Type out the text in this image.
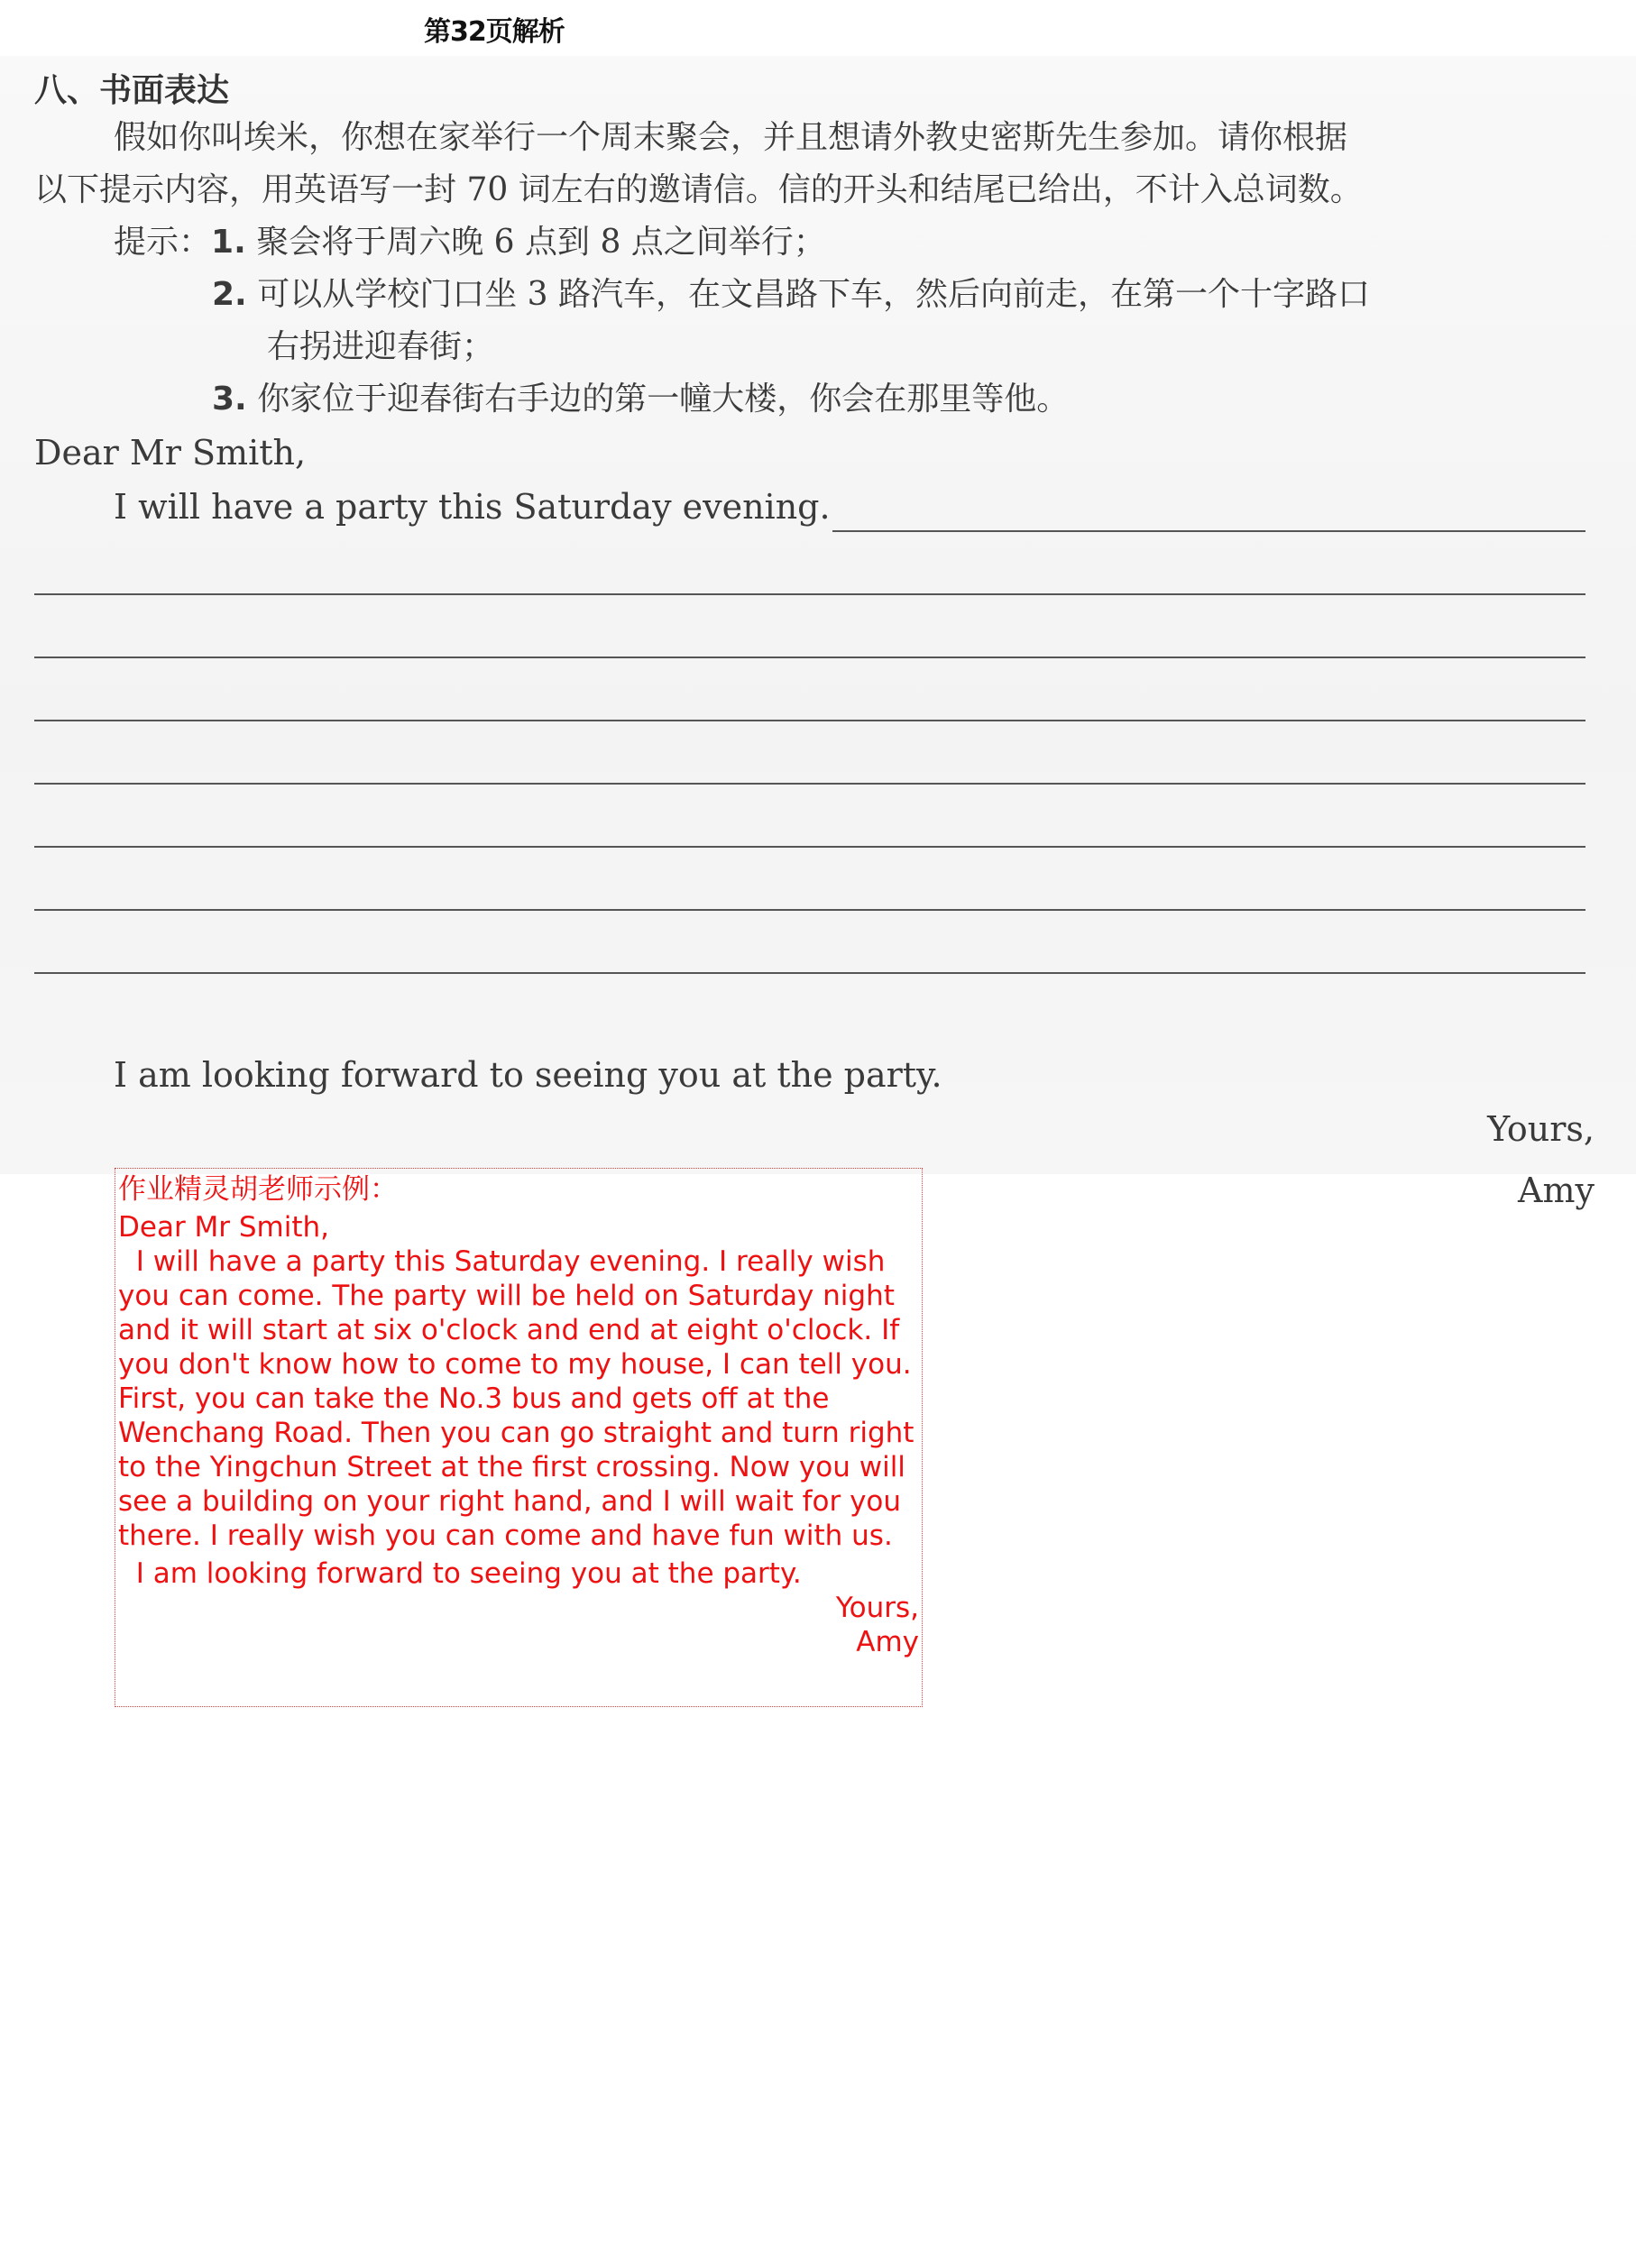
第32页解析
八、书面表达

假如你叫埃米，你想在家举行一个周末聚会，并且想请外教史密斯先生参加。请你根据

以下提示内容，用英语写一封 70 词左右的邀请信。信的开头和结尾已给出，不计入总词数。

提示：1. 聚会将于周六晚 6 点到 8 点之间举行；

2. 可以从学校门口坐 3 路汽车，在文昌路下车，然后向前走，在第一个十字路口

右拐进迎春街；

3. 你家位于迎春街右手边的第一幢大楼，你会在那里等他。

Dear Mr Smith,
I will have a party this Saturday evening.
I am looking forward to seeing you at the party.
Yours,
Amy

作业精灵胡老师示例：

Dear Mr Smith,

I will have a party this Saturday evening. I really wish you can come. The party will be held on Saturday night and it will start at six o'clock and end at eight o'clock. If you don't know how to come to my house, I can tell you. First, you can take the No.3 bus and gets off at the Wenchang Road. Then you can go straight and turn right to the Yingchun Street at the first crossing. Now you will see a building on your right hand, and I will wait for you there. I really wish you can come and have fun with us.

I am looking forward to seeing you at the party.

Yours,

Amy
